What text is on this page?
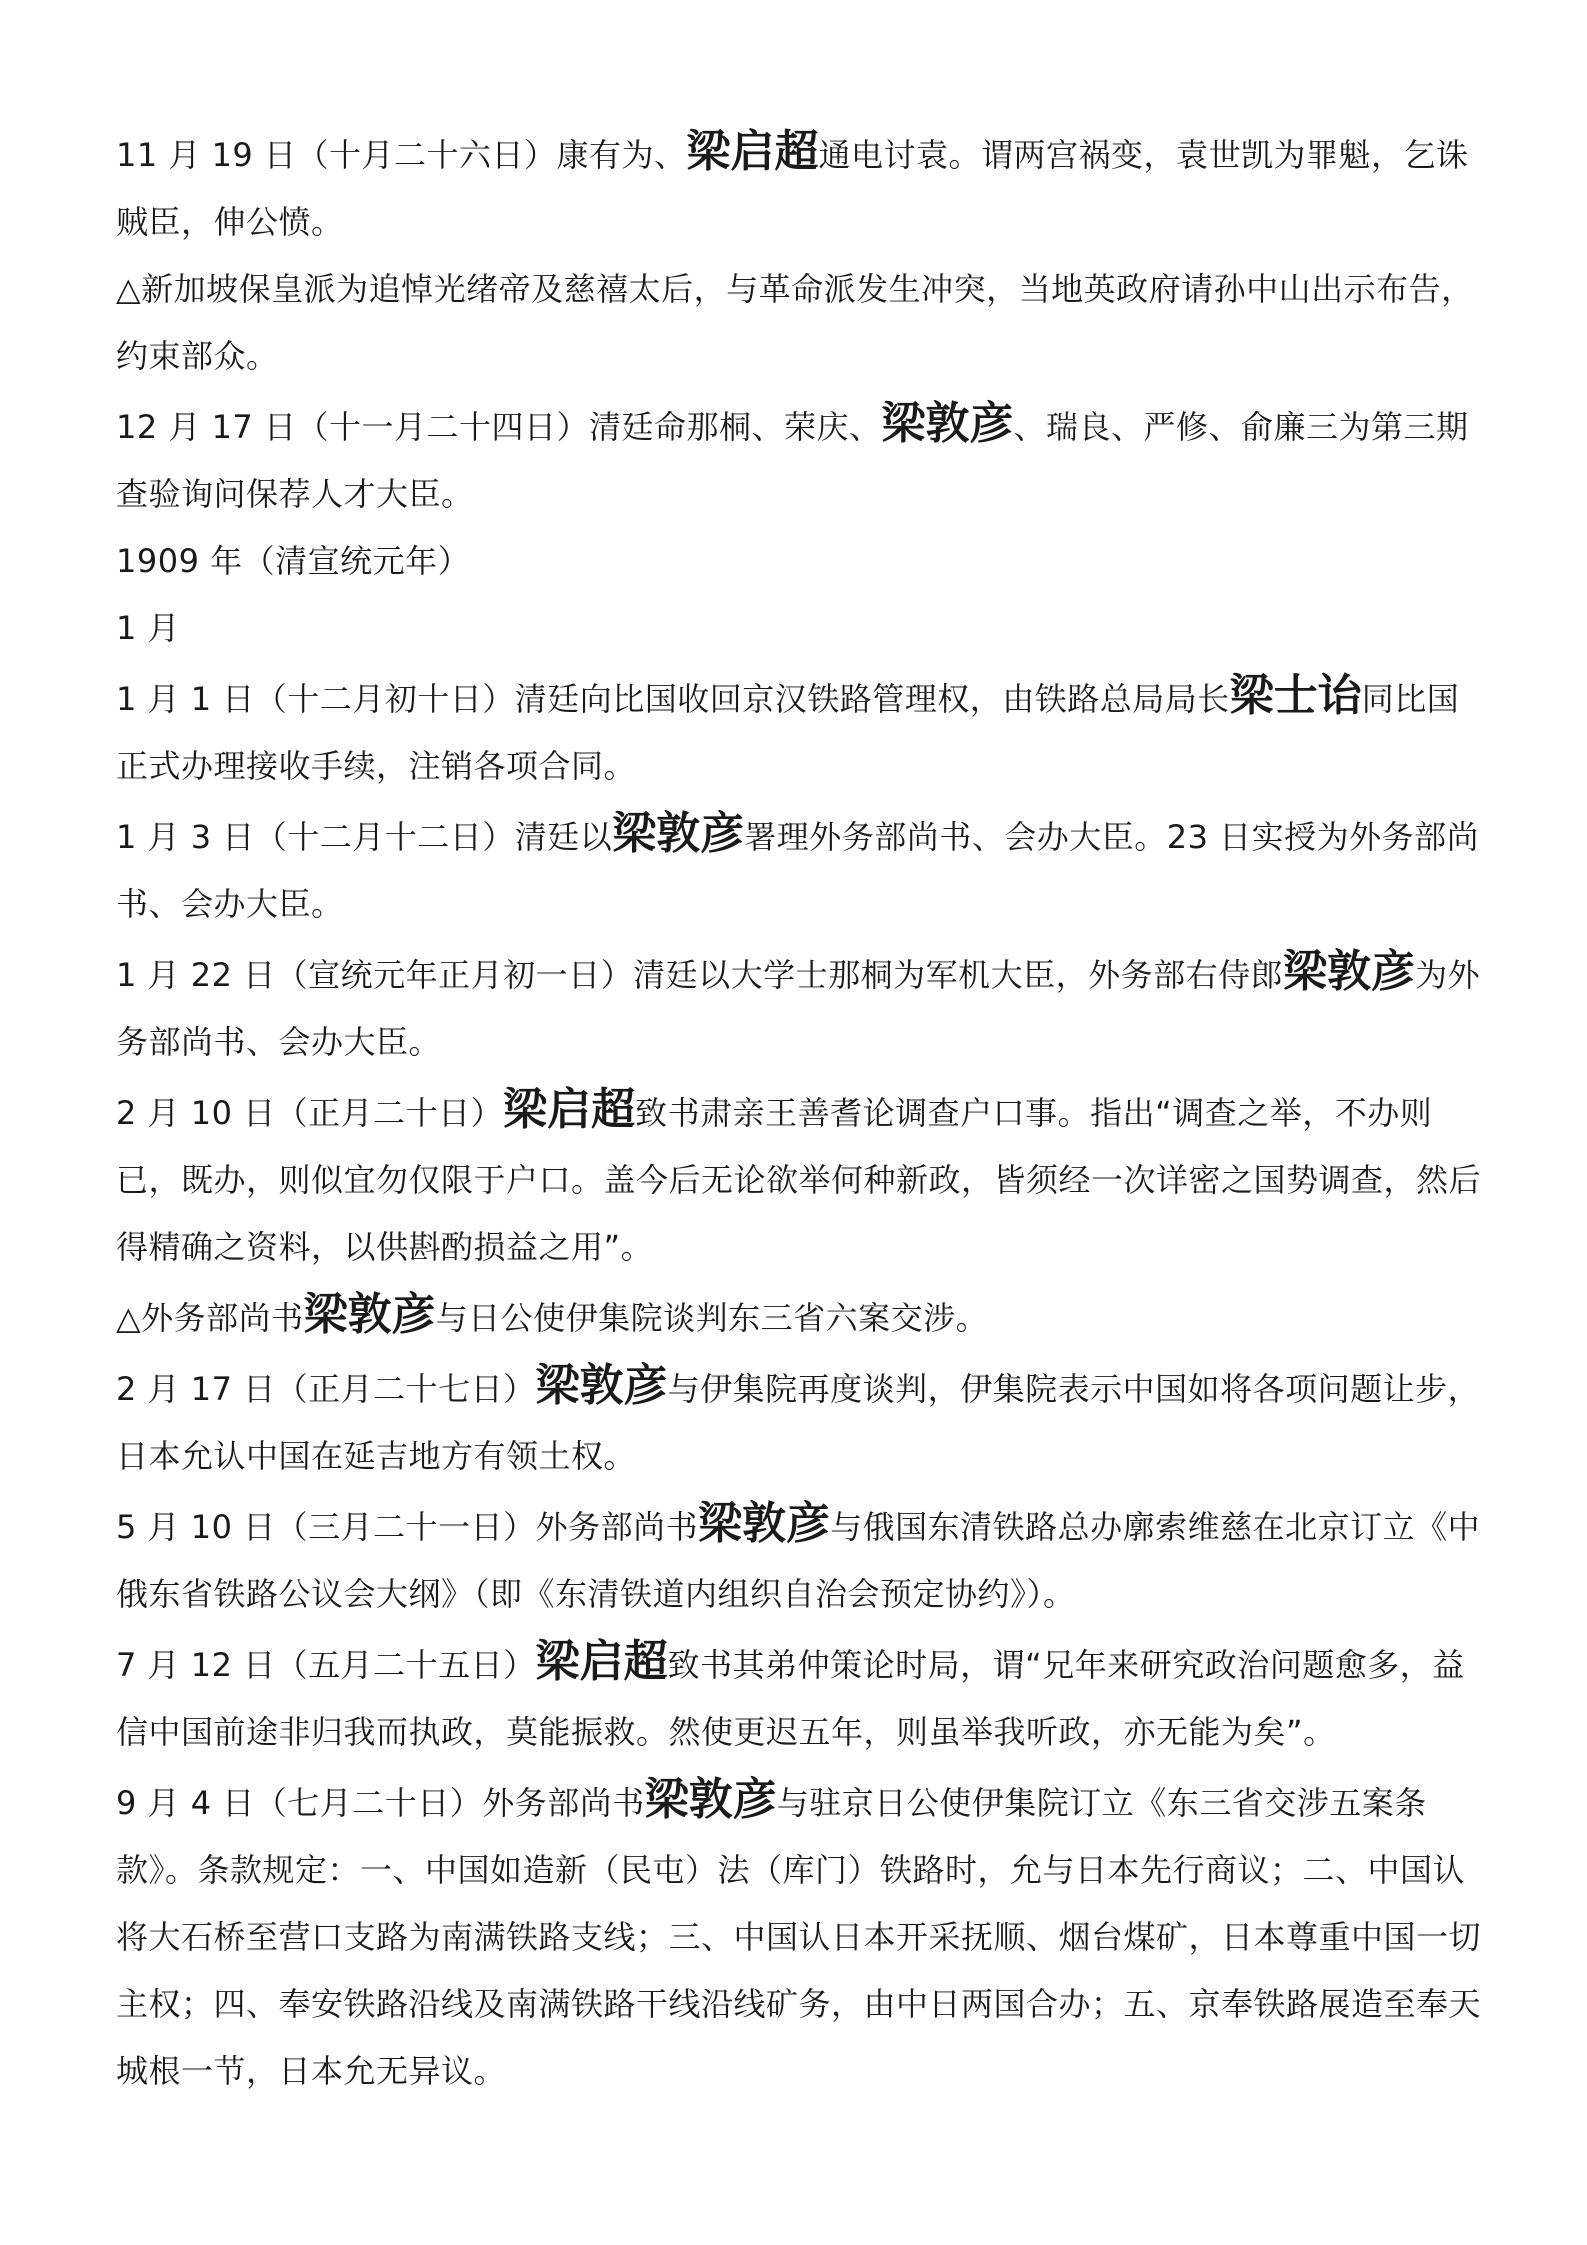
11 月 19 日（十月二十六日）康有为、梁启超通电讨袁。谓两宫祸变，袁世凯为罪魁，乞诛贼臣，伸公愤。

△新加坡保皇派为追悼光绪帝及慈禧太后，与革命派发生冲突，当地英政府请孙中山出示布告，约束部众。

12 月 17 日（十一月二十四日）清廷命那桐、荣庆、梁敦彦、瑞良、严修、俞廉三为第三期查验询问保荐人才大臣。

1909 年（清宣统元年）

1 月

1 月 1 日（十二月初十日）清廷向比国收回京汉铁路管理权，由铁路总局局长梁士诒同比国正式办理接收手续，注销各项合同。

1 月 3 日（十二月十二日）清廷以梁敦彦署理外务部尚书、会办大臣。23 日实授为外务部尚书、会办大臣。

1 月 22 日（宣统元年正月初一日）清廷以大学士那桐为军机大臣，外务部右侍郎梁敦彦为外务部尚书、会办大臣。

2 月 10 日（正月二十日）梁启超致书肃亲王善耆论调查户口事。指出“调查之举，不办则已，既办，则似宜勿仅限于户口。盖今后无论欲举何种新政，皆须经一次详密之国势调查，然后得精确之资料，以供斟酌损益之用”。

△外务部尚书梁敦彦与日公使伊集院谈判东三省六案交涉。

2 月 17 日（正月二十七日）梁敦彦与伊集院再度谈判，伊集院表示中国如将各项问题让步，日本允认中国在延吉地方有领土权。

5 月 10 日（三月二十一日）外务部尚书梁敦彦与俄国东清铁路总办廓索维慈在北京订立《中俄东省铁路公议会大纲》（即《东清铁道内组织自治会预定协约》）。

7 月 12 日（五月二十五日）梁启超致书其弟仲策论时局，谓“兄年来研究政治问题愈多，益信中国前途非归我而执政，莫能振救。然使更迟五年，则虽举我听政，亦无能为矣”。

9 月 4 日（七月二十日）外务部尚书梁敦彦与驻京日公使伊集院订立《东三省交涉五案条款》。条款规定：一、中国如造新（民屯）法（库门）铁路时，允与日本先行商议；二、中国认将大石桥至营口支路为南满铁路支线；三、中国认日本开采抚顺、烟台煤矿，日本尊重中国一切主权；四、奉安铁路沿线及南满铁路干线沿线矿务，由中日两国合办；五、京奉铁路展造至奉天城根一节，日本允无异议。
